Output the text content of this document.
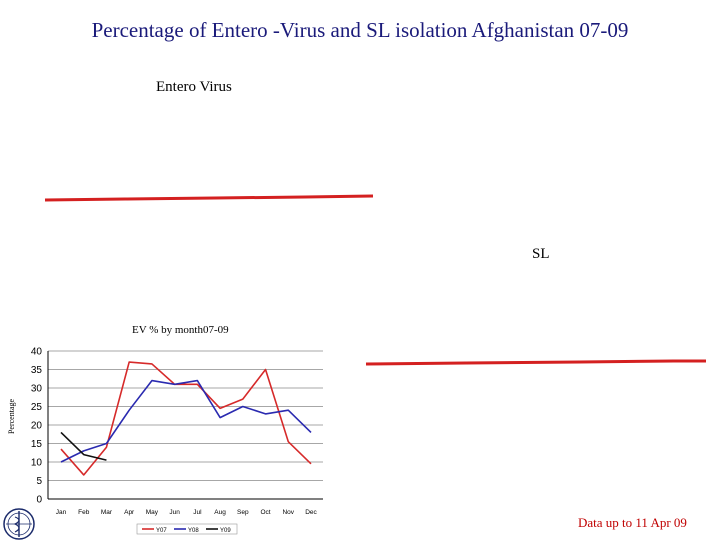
Percentage of Entero -Virus and SL isolation Afghanistan 07-09
Entero Virus
SL
EV % by month07-09
Percentage
0
5
10
15
20
25
30
35
40
Jan Feb Mar Apr May Jun Jul Aug Sep Oct Nov Dec
Y07	Y08	Y09
Data up to 11 Apr 09
